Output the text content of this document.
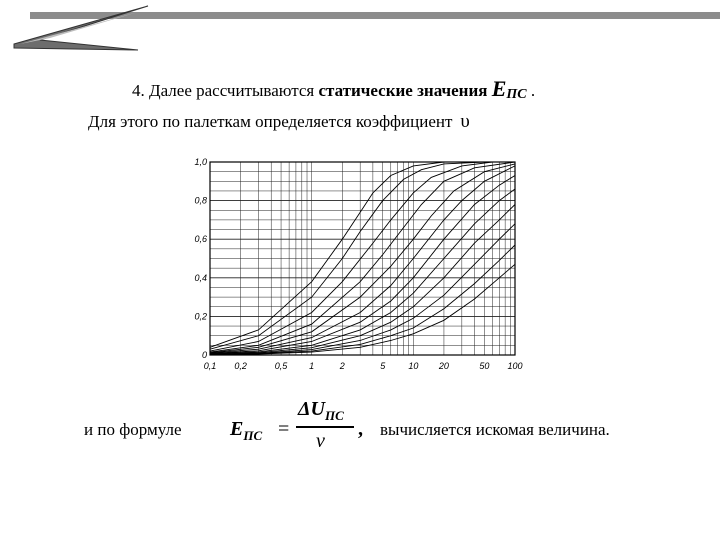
4. Далее рассчитываются статические значения EПС .
Для этого по палеткам определяется коэффициент υ
0,1 0,2	0,5 1	2	5	10 20	50 100
0
0,2
0,4
0,6
0,8
1,0
и по формуле $E_{ПС}$ =
$\Delta U_{ПС}$
ν
, вычисляется искомая величина.
